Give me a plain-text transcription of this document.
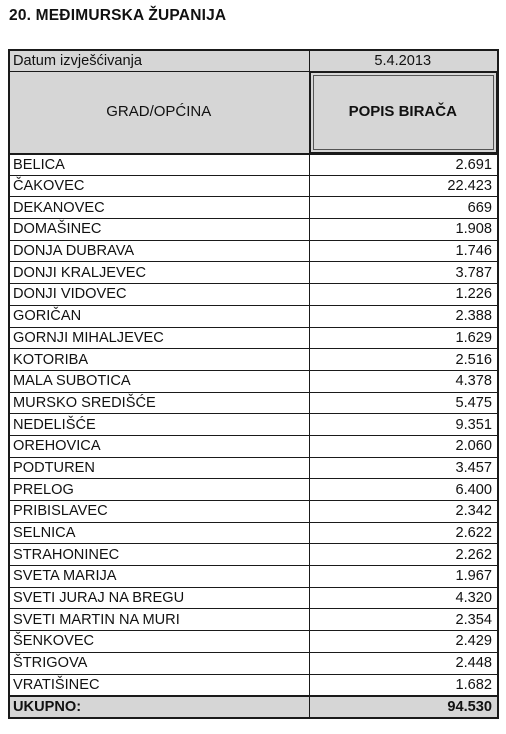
20. MEĐIMURSKA ŽUPANIJA
Datum izvješćivanja	5.4.2013
GRAD/OPĆINA	POPIS BIRAČA
BELICA	2.691
ČAKOVEC	22.423
DEKANOVEC	669
DOMAŠINEC	1.908
DONJA DUBRAVA	1.746
DONJI KRALJEVEC	3.787
DONJI VIDOVEC	1.226
GORIČAN	2.388
GORNJI MIHALJEVEC	1.629
KOTORIBA	2.516
MALA SUBOTICA	4.378
MURSKO SREDIŠĆE	5.475
NEDELIŠĆE	9.351
OREHOVICA	2.060
PODTUREN	3.457
PRELOG	6.400
PRIBISLAVEC	2.342
SELNICA	2.622
STRAHONINEC	2.262
SVETA MARIJA	1.967
SVETI JURAJ NA BREGU	4.320
SVETI MARTIN NA MURI	2.354
ŠENKOVEC	2.429
ŠTRIGOVA	2.448
VRATIŠINEC	1.682
UKUPNO:	94.530
